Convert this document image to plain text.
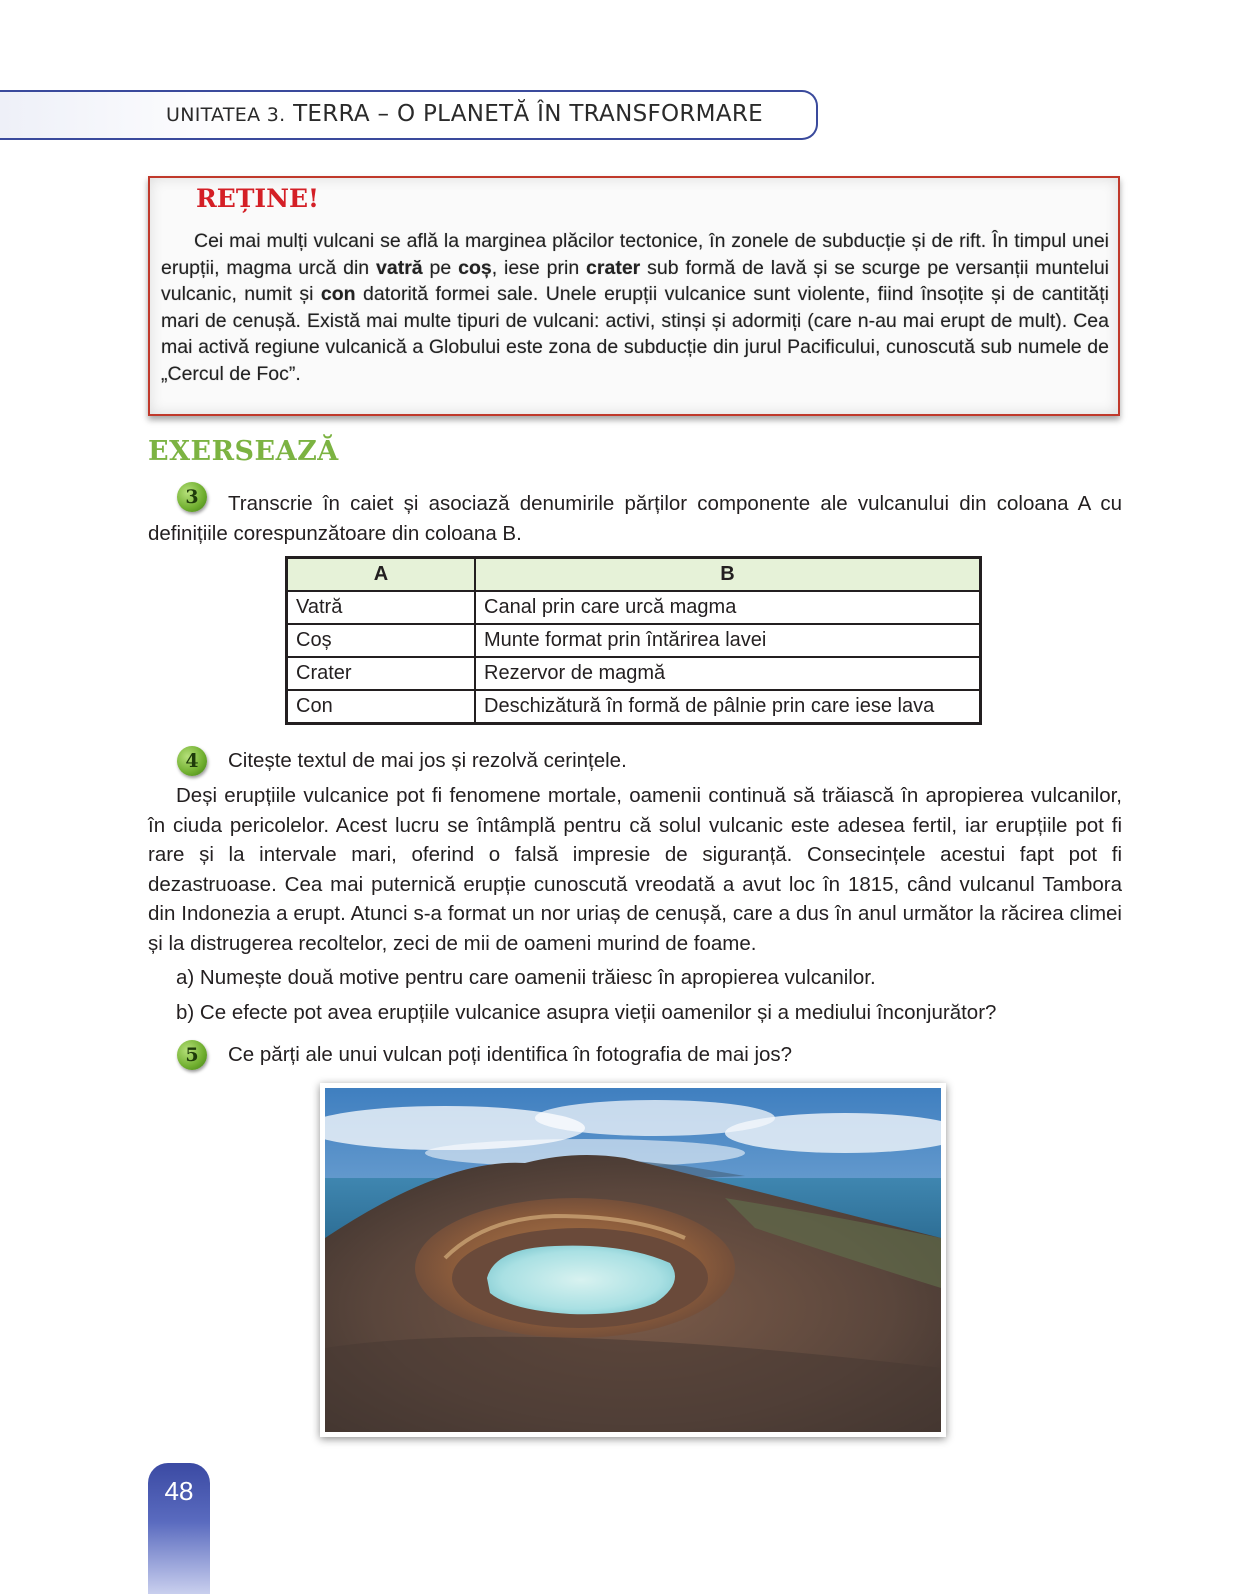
UNITATEA 3. TERRA – O PLANETĂ ÎN TRANSFORMARE
REȚINE!
Cei mai mulți vulcani se află la marginea plăcilor tectonice, în zonele de subducție și de rift. În timpul unei erupții, magma urcă din vatră pe coș, iese prin crater sub formă de lavă și se scurge pe versanții muntelui vulcanic, numit și con datorită formei sale. Unele erupții vulcanice sunt violente, fiind însoțite și de cantități mari de cenușă. Există mai multe tipuri de vulcani: activi, stinși și adormiți (care n-au mai erupt de mult). Cea mai activă regiune vulcanică a Globului este zona de subducție din jurul Pacificului, cunoscută sub numele de „Cercul de Foc”.
EXERSEAZĂ
3	Transcrie în caiet și asociază denumirile părților componente ale vulcanului din coloana A cu definițiile corespunzătoare din coloana B.
A	B
Vatră	Canal prin care urcă magma
Coș	Munte format prin întărirea lavei
Crater	Rezervor de magmă
Con	Deschizătură în formă de pâlnie prin care iese lava
4	Citește textul de mai jos și rezolvă cerințele.
Deși erupțiile vulcanice pot fi fenomene mortale, oamenii continuă să trăiască în apropierea vulcanilor, în ciuda pericolelor. Acest lucru se întâmplă pentru că solul vulcanic este adesea fertil, iar erupțiile pot fi rare și la intervale mari, oferind o falsă impresie de siguranță. Consecințele acestui fapt pot fi dezastruoase. Cea mai puternică erupție cunoscută vreodată a avut loc în 1815, când vulcanul Tambora din Indonezia a erupt. Atunci s-a format un nor uriaș de cenușă, care a dus în anul următor la răcirea climei și la distrugerea recoltelor, zeci de mii de oameni murind de foame.
a) Numește două motive pentru care oamenii trăiesc în apropierea vulcanilor.
b) Ce efecte pot avea erupțiile vulcanice asupra vieții oamenilor și a mediului înconjurător?
5	Ce părți ale unui vulcan poți identifica în fotografia de mai jos?
48
